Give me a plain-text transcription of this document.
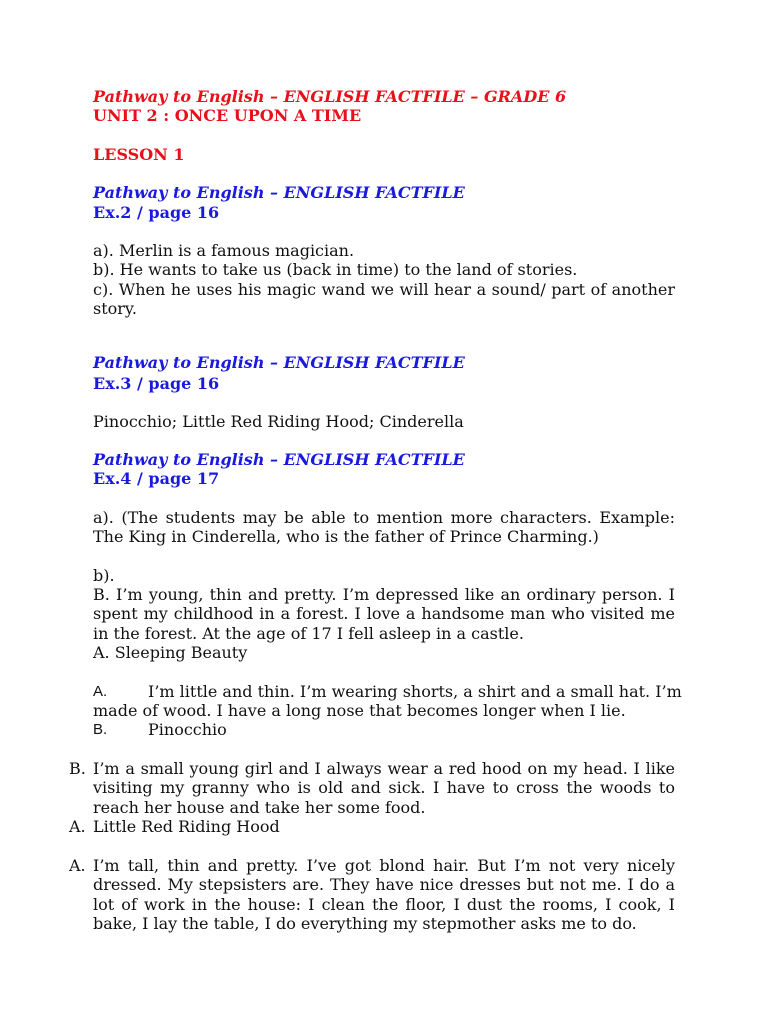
Pathway to English – ENGLISH FACTFILE – GRADE 6
UNIT 2 : ONCE UPON A TIME
LESSON 1
Pathway to English – ENGLISH FACTFILE
Ex.2 / page 16
a). Merlin is a famous magician.
b). He wants to take us (back in time) to the land of stories.
c). When he uses his magic wand we will hear a sound/ part of another story.
Pathway to English – ENGLISH FACTFILE
Ex.3 / page 16
Pinocchio; Little Red Riding Hood; Cinderella
Pathway to English – ENGLISH FACTFILE
Ex.4 / page 17
a). (The students may be able to mention more characters. Example: The King in Cinderella, who is the father of Prince Charming.)
b).
B. I’m young, thin and pretty. I’m depressed like an ordinary person. I spent my childhood in a forest. I love a handsome man who visited me in the forest. At the age of 17 I fell asleep in a castle.
A. Sleeping Beauty
A.	I’m little and thin. I’m wearing shorts, a shirt and a small hat. I’m
made of wood. I have a long nose that becomes longer when I lie.
B.	Pinocchio
B. I’m a small young girl and I always wear a red hood on my head. I like visiting my granny who is old and sick. I have to cross the woods to reach her house and take her some food.
A. Little Red Riding Hood
A. I’m tall, thin and pretty. I’ve got blond hair. But I’m not very nicely dressed. My stepsisters are. They have nice dresses but not me. I do a lot of work in the house: I clean the floor, I dust the rooms, I cook, I bake, I lay the table, I do everything my stepmother asks me to do.
